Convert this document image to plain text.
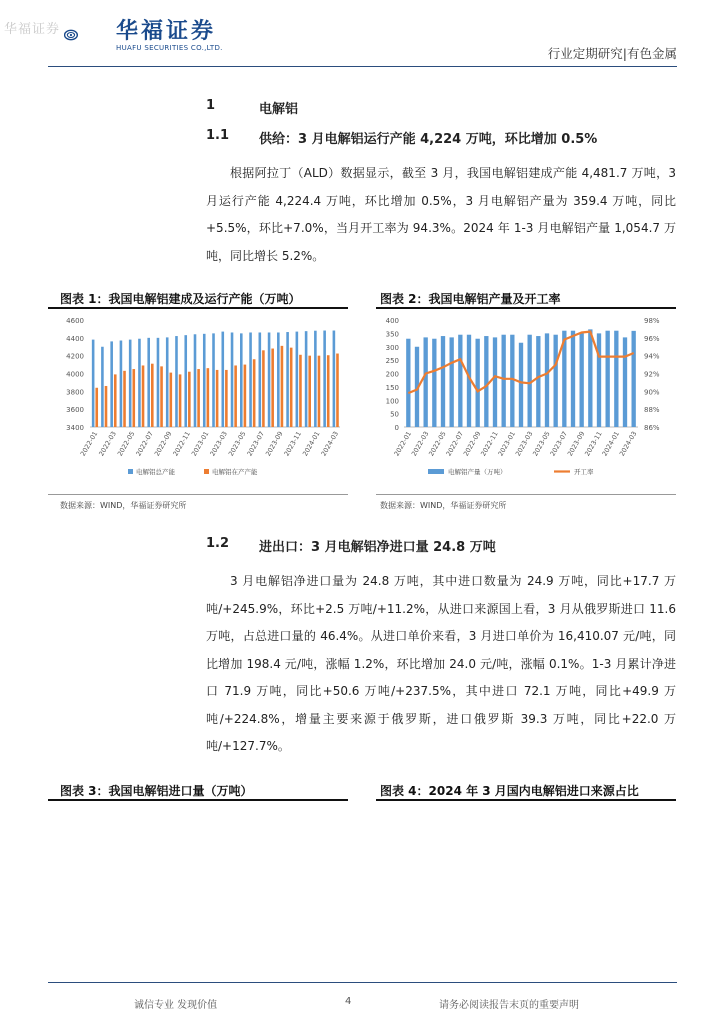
华福证券	华福证券
HUAFU SECURITIES CO.,LTD.	行业定期研究|有色金属
1	电解铝
1.1 供给：3 月电解铝运行产能 4,224 万吨，环比增加 0.5%
根据阿拉丁（ALD）数据显示，截至 3 月，我国电解铝建成产能 4,481.7 万吨，3 月运行产能 4,224.4 万吨，环比增加 0.5%，3 月电解铝产量为 359.4 万吨，同比+5.5%，环比+7.0%，当月开工率为 94.3%。2024 年 1-3 月电解铝产量 1,054.7 万吨，同比增长 5.2%。
图表 1：我国电解铝建成及运行产能（万吨）	图表 2：我国电解铝产量及开工率
3400
3600
3800
4000
4200
4400
4600
2022-01
2022-03
2022-05
2022-07
2022-09
2022-11
2023-01
2023-03
2023-05
2023-07
2023-09
2023-11
2024-01
2024-03
电解铝总产能	电解铝在产产能
0
50
100
150
200
250
300
350
400
86%
88%
90%
92%
94%
96%
98%
2022-01
2022-03
2022-05
2022-07
2022-09
2022-11
2023-01
2023-03
2023-05
2023-07
2023-09
2023-11
2024-01
2024-03
电解铝产量（万吨）	开工率
数据来源：WIND，华福证券研究所	数据来源：WIND，华福证券研究所
1.2 进出口：3 月电解铝净进口量 24.8 万吨
3 月电解铝净进口量为 24.8 万吨，其中进口数量为 24.9 万吨，同比+17.7 万吨/+245.9%，环比+2.5 万吨/+11.2%，从进口来源国上看，3 月从俄罗斯进口 11.6 万吨，占总进口量的 46.4%。从进口单价来看，3 月进口单价为 16,410.07 元/吨，同比增加 198.4 元/吨，涨幅 1.2%，环比增加 24.0 元/吨，涨幅 0.1%。1-3 月累计净进口 71.9 万吨，同比+50.6 万吨/+237.5%，其中进口 72.1 万吨，同比+49.9 万吨/+224.8%，增量主要来源于俄罗斯，进口俄罗斯 39.3 万吨，同比+22.0 万吨/+127.7%。
图表 3：我国电解铝进口量（万吨）	图表 4：2024 年 3 月国内电解铝进口来源占比
诚信专业 发现价值	4	请务必阅读报告末页的重要声明
